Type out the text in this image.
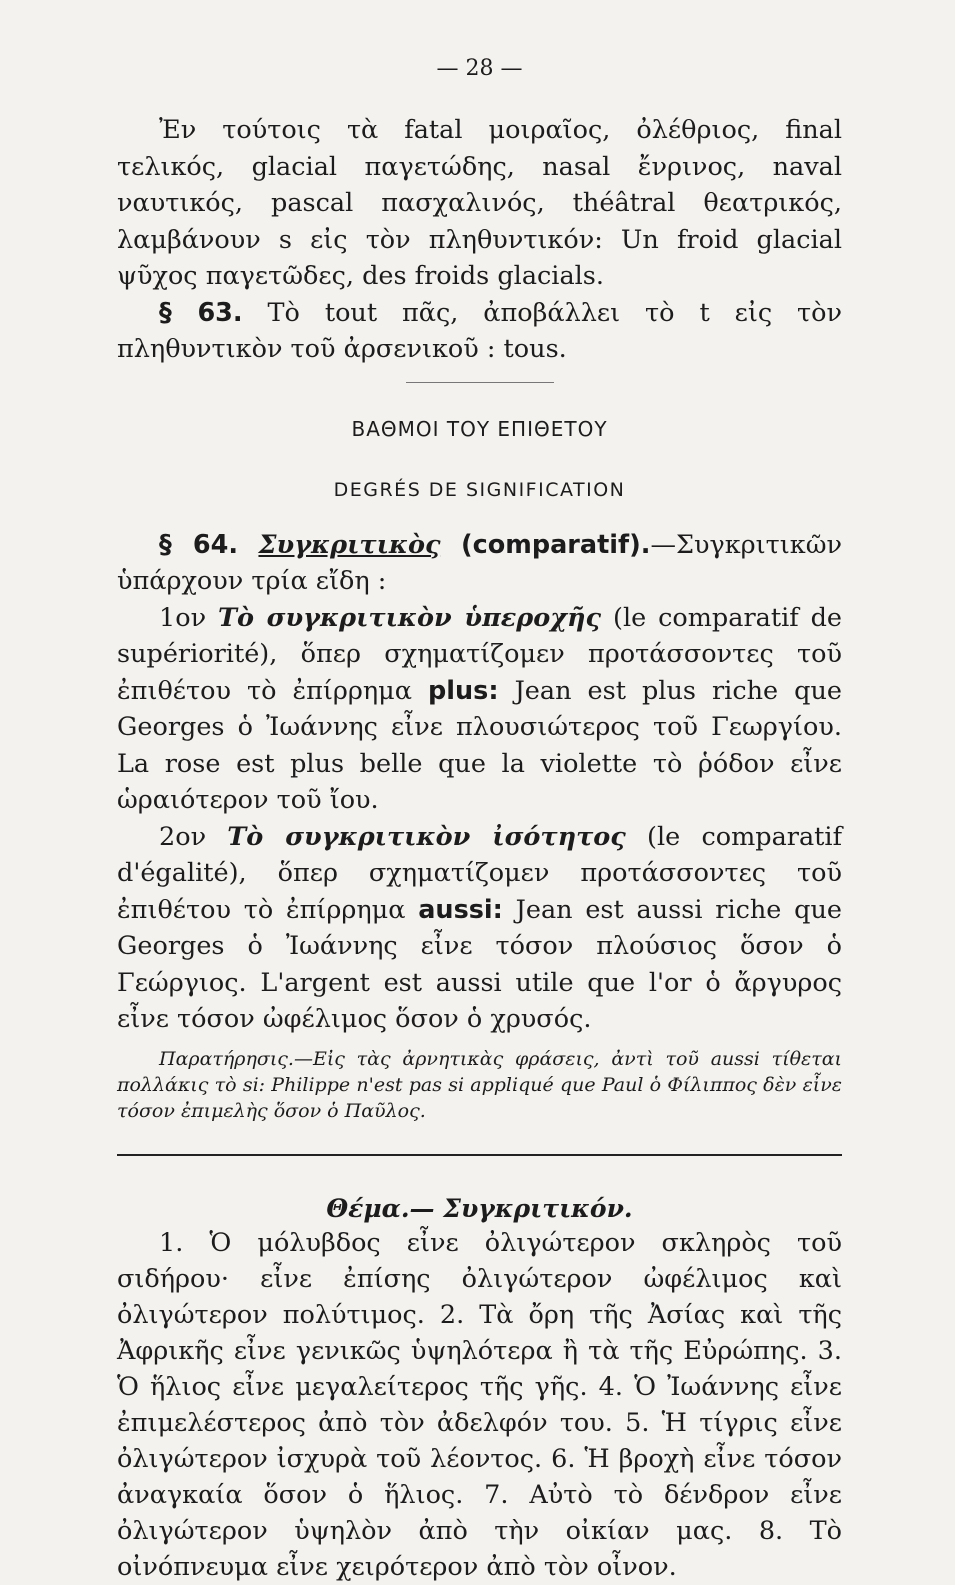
— 28 —

Ἐν τούτοις τὰ fatal μοιραῖος, ὀλέθριος, final τελικός, glacial παγετώδης, nasal ἔνρινος, naval ναυτικός, pascal πασχαλινός, théâtral θεατρικός, λαμβάνουν s εἰς τὸν πληθυντικόν: Un froid glacial ψῦχος παγετῶδες, des froids glacials.

§ 63. Τὸ tout πᾶς, ἀποβάλλει τὸ t εἰς τὸν πληθυντικὸν τοῦ ἀρσενικοῦ : tous.

ΒΑΘΜΟΙ ΤΟΥ ΕΠΙΘΕΤΟΥ
DEGRÉS DE SIGNIFICATION

§ 64. Συγκριτικὸς (comparatif).—Συγκριτικῶν ὑπάρχουν τρία εἴδη :

1ον Τὸ συγκριτικὸν ὑπεροχῆς (le comparatif de supériorité), ὅπερ σχηματίζομεν προτάσσοντες τοῦ ἐπιθέτου τὸ ἐπίρρημα plus: Jean est plus riche que Georges ὁ Ἰωάννης εἶνε πλουσιώτερος τοῦ Γεωργίου. La rose est plus belle que la violette τὸ ῥόδον εἶνε ὡραιότερον τοῦ ἴου.

2ον Τὸ συγκριτικὸν ἰσότητος (le comparatif d'égalité), ὅπερ σχηματίζομεν προτάσσοντες τοῦ ἐπιθέτου τὸ ἐπίρρημα aussi: Jean est aussi riche que Georges ὁ Ἰωάννης εἶνε τόσον πλούσιος ὅσον ὁ Γεώργιος. L'argent est aussi utile que l'or ὁ ἄργυρος εἶνε τόσον ὠφέλιμος ὅσον ὁ χρυσός.

Παρατήρησις.—Εἰς τὰς ἀρνητικὰς φράσεις, ἀντὶ τοῦ aussi τίθεται πολλάκις τὸ si: Philippe n'est pas si appliqué que Paul ὁ Φίλιππος δὲν εἶνε τόσον ἐπιμελὴς ὅσον ὁ Παῦλος.

Θέμα.— Συγκριτικόν.

1. Ὁ μόλυβδος εἶνε ὀλιγώτερον σκληρὸς τοῦ σιδήρου· εἶνε ἐπίσης ὀλιγώτερον ὠφέλιμος καὶ ὀλιγώτερον πολύτιμος. 2. Τὰ ὄρη τῆς Ἀσίας καὶ τῆς Ἀφρικῆς εἶνε γενικῶς ὑψηλότερα ἢ τὰ τῆς Εὐρώπης. 3. Ὁ ἥλιος εἶνε μεγαλείτερος τῆς γῆς. 4. Ὁ Ἰωάννης εἶνε ἐπιμελέστερος ἀπὸ τὸν ἀδελφόν του. 5. Ἡ τίγρις εἶνε ὀλιγώτερον ἰσχυρὰ τοῦ λέοντος. 6. Ἡ βροχὴ εἶνε τόσον ἀναγκαία ὅσον ὁ ἥλιος. 7. Αὐτὸ τὸ δένδρον εἶνε ὀλιγώτερον ὑψηλὸν ἀπὸ τὴν οἰκίαν μας. 8. Τὸ οἰνόπνευμα εἶνε χειρότερον ἀπὸ τὸν οἶνον.
